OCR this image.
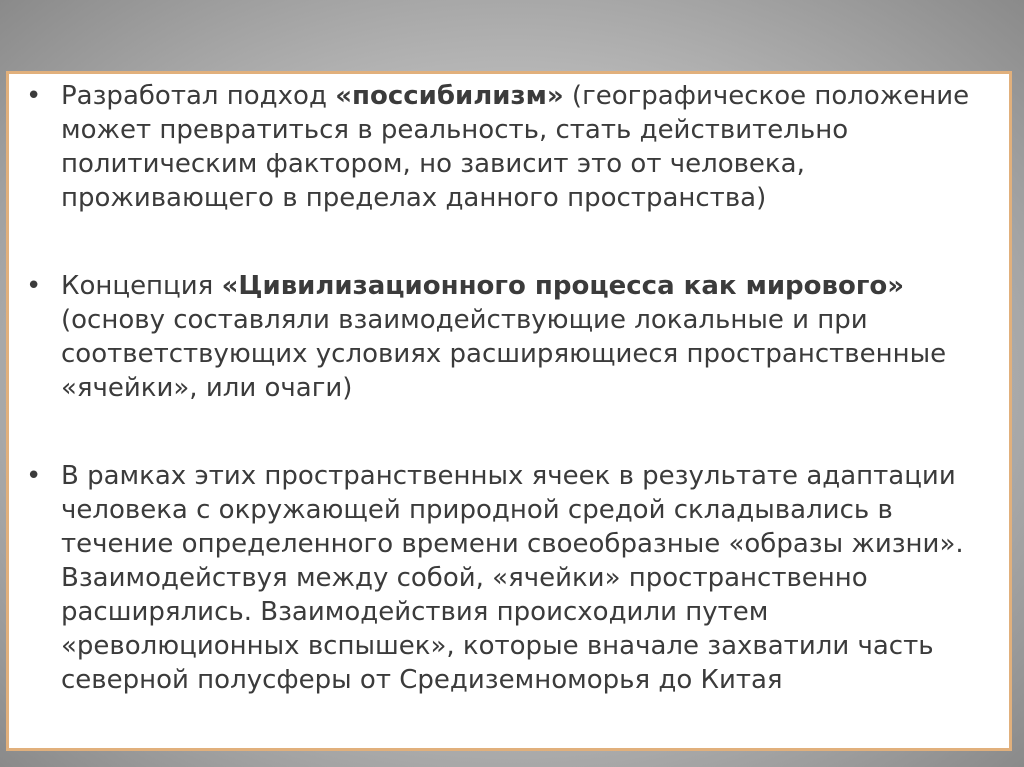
• Разработал подход «поссибилизм» (географическое положение может превратиться в реальность, стать действительно политическим фактором, но зависит это от человека, проживающего в пределах данного пространства)
• Концепция «Цивилизационного процесса как мирового» (основу составляли взаимодействующие локальные и при соответствующих условиях расширяющиеся пространственные «ячейки», или очаги)
• В рамках этих пространственных ячеек в результате адаптации человека с окружающей природной средой складывались в течение определенного времени своеобразные «образы жизни». Взаимодействуя между собой, «ячейки» пространственно расширялись. Взаимодействия происходили путем «революционных вспышек», которые вначале захватили часть северной полусферы от Средиземноморья до Китая
